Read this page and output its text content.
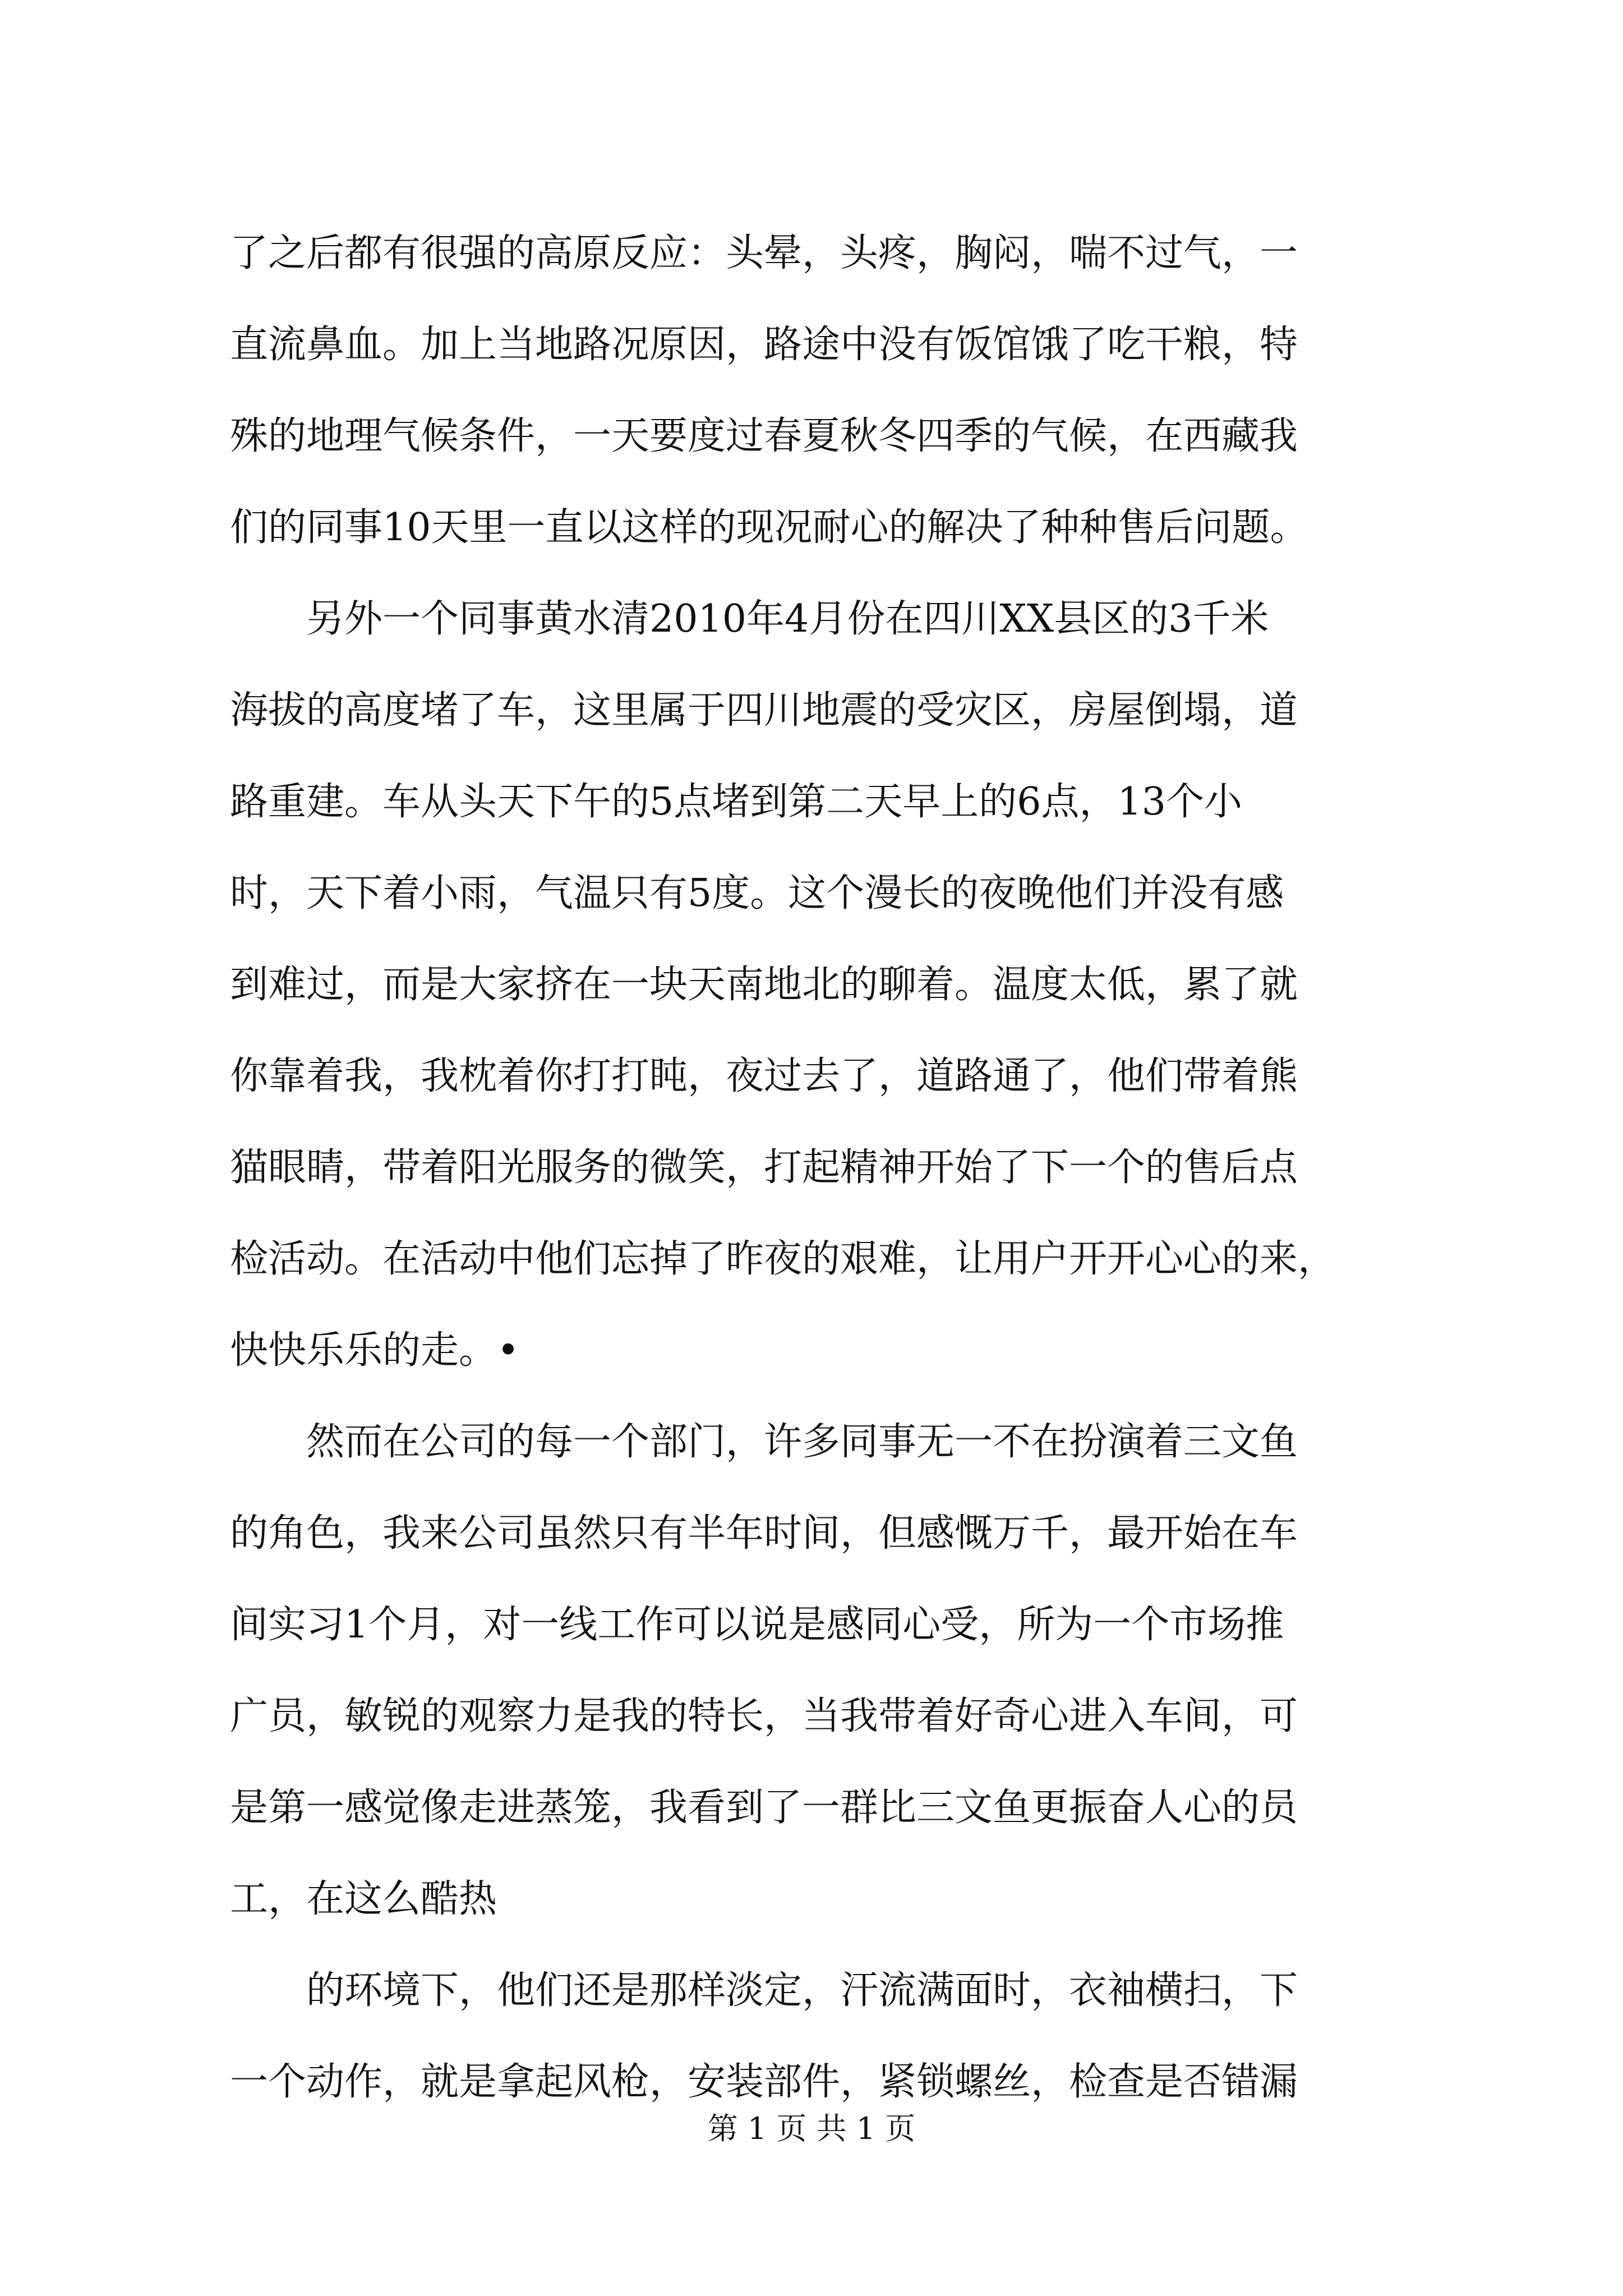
了之后都有很强的高原反应：头晕，头疼，胸闷，喘不过气，一
直流鼻血。加上当地路况原因，路途中没有饭馆饿了吃干粮，特
殊的地理气候条件，一天要度过春夏秋冬四季的气候，在西藏我
们的同事10天里一直以这样的现况耐心的解决了种种售后问题。
另外一个同事黄水清2010年4月份在四川XX县区的3千米
海拔的高度堵了车，这里属于四川地震的受灾区，房屋倒塌，道
路重建。车从头天下午的5点堵到第二天早上的6点，13个小
时，天下着小雨，气温只有5度。这个漫长的夜晚他们并没有感
到难过，而是大家挤在一块天南地北的聊着。温度太低，累了就
你靠着我，我枕着你打打盹，夜过去了，道路通了，他们带着熊
猫眼睛，带着阳光服务的微笑，打起精神开始了下一个的售后点
检活动。在活动中他们忘掉了昨夜的艰难，让用户开开心心的来，
快快乐乐的走。•
然而在公司的每一个部门，许多同事无一不在扮演着三文鱼
的角色，我来公司虽然只有半年时间，但感慨万千，最开始在车
间实习1个月，对一线工作可以说是感同心受，所为一个市场推
广员，敏锐的观察力是我的特长，当我带着好奇心进入车间，可
是第一感觉像走进蒸笼，我看到了一群比三文鱼更振奋人心的员
工，在这么酷热
的环境下，他们还是那样淡定，汗流满面时，衣袖横扫，下
一个动作，就是拿起风枪，安装部件，紧锁螺丝，检查是否错漏
第 1 页 共 1 页
